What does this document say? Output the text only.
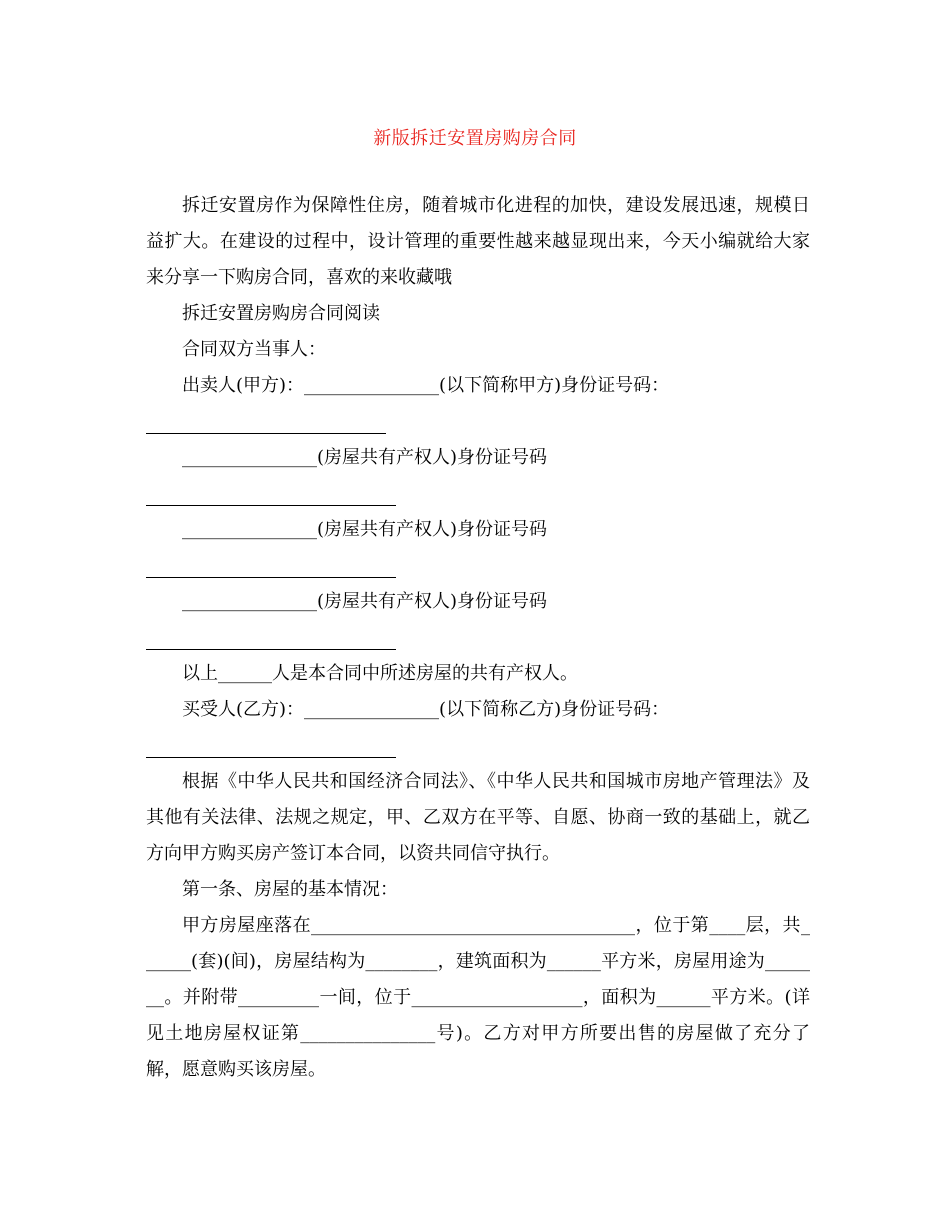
新版拆迁安置房购房合同

拆迁安置房作为保障性住房，随着城市化进程的加快，建设发展迅速，规模日益扩大。在建设的过程中，设计管理的重要性越来越显现出来，今天小编就给大家来分享一下购房合同，喜欢的来收藏哦

拆迁安置房购房合同阅读

合同双方当事人：

出卖人(甲方)：_______________(以下简称甲方)身份证号码：

_______________(房屋共有产权人)身份证号码

_______________(房屋共有产权人)身份证号码

_______________(房屋共有产权人)身份证号码

以上______人是本合同中所述房屋的共有产权人。

买受人(乙方)：_______________(以下简称乙方)身份证号码：

根据《中华人民共和国经济合同法》、《中华人民共和国城市房地产管理法》及其他有关法律、法规之规定，甲、乙双方在平等、自愿、协商一致的基础上，就乙方向甲方购买房产签订本合同，以资共同信守执行。

第一条、房屋的基本情况：

甲方房屋座落在____________________________________，位于第____层，共______(套)(间)，房屋结构为________，建筑面积为______平方米，房屋用途为_______。并附带_________一间，位于___________________，面积为______平方米。(详见土地房屋权证第_______________号)。乙方对甲方所要出售的房屋做了充分了解，愿意购买该房屋。
